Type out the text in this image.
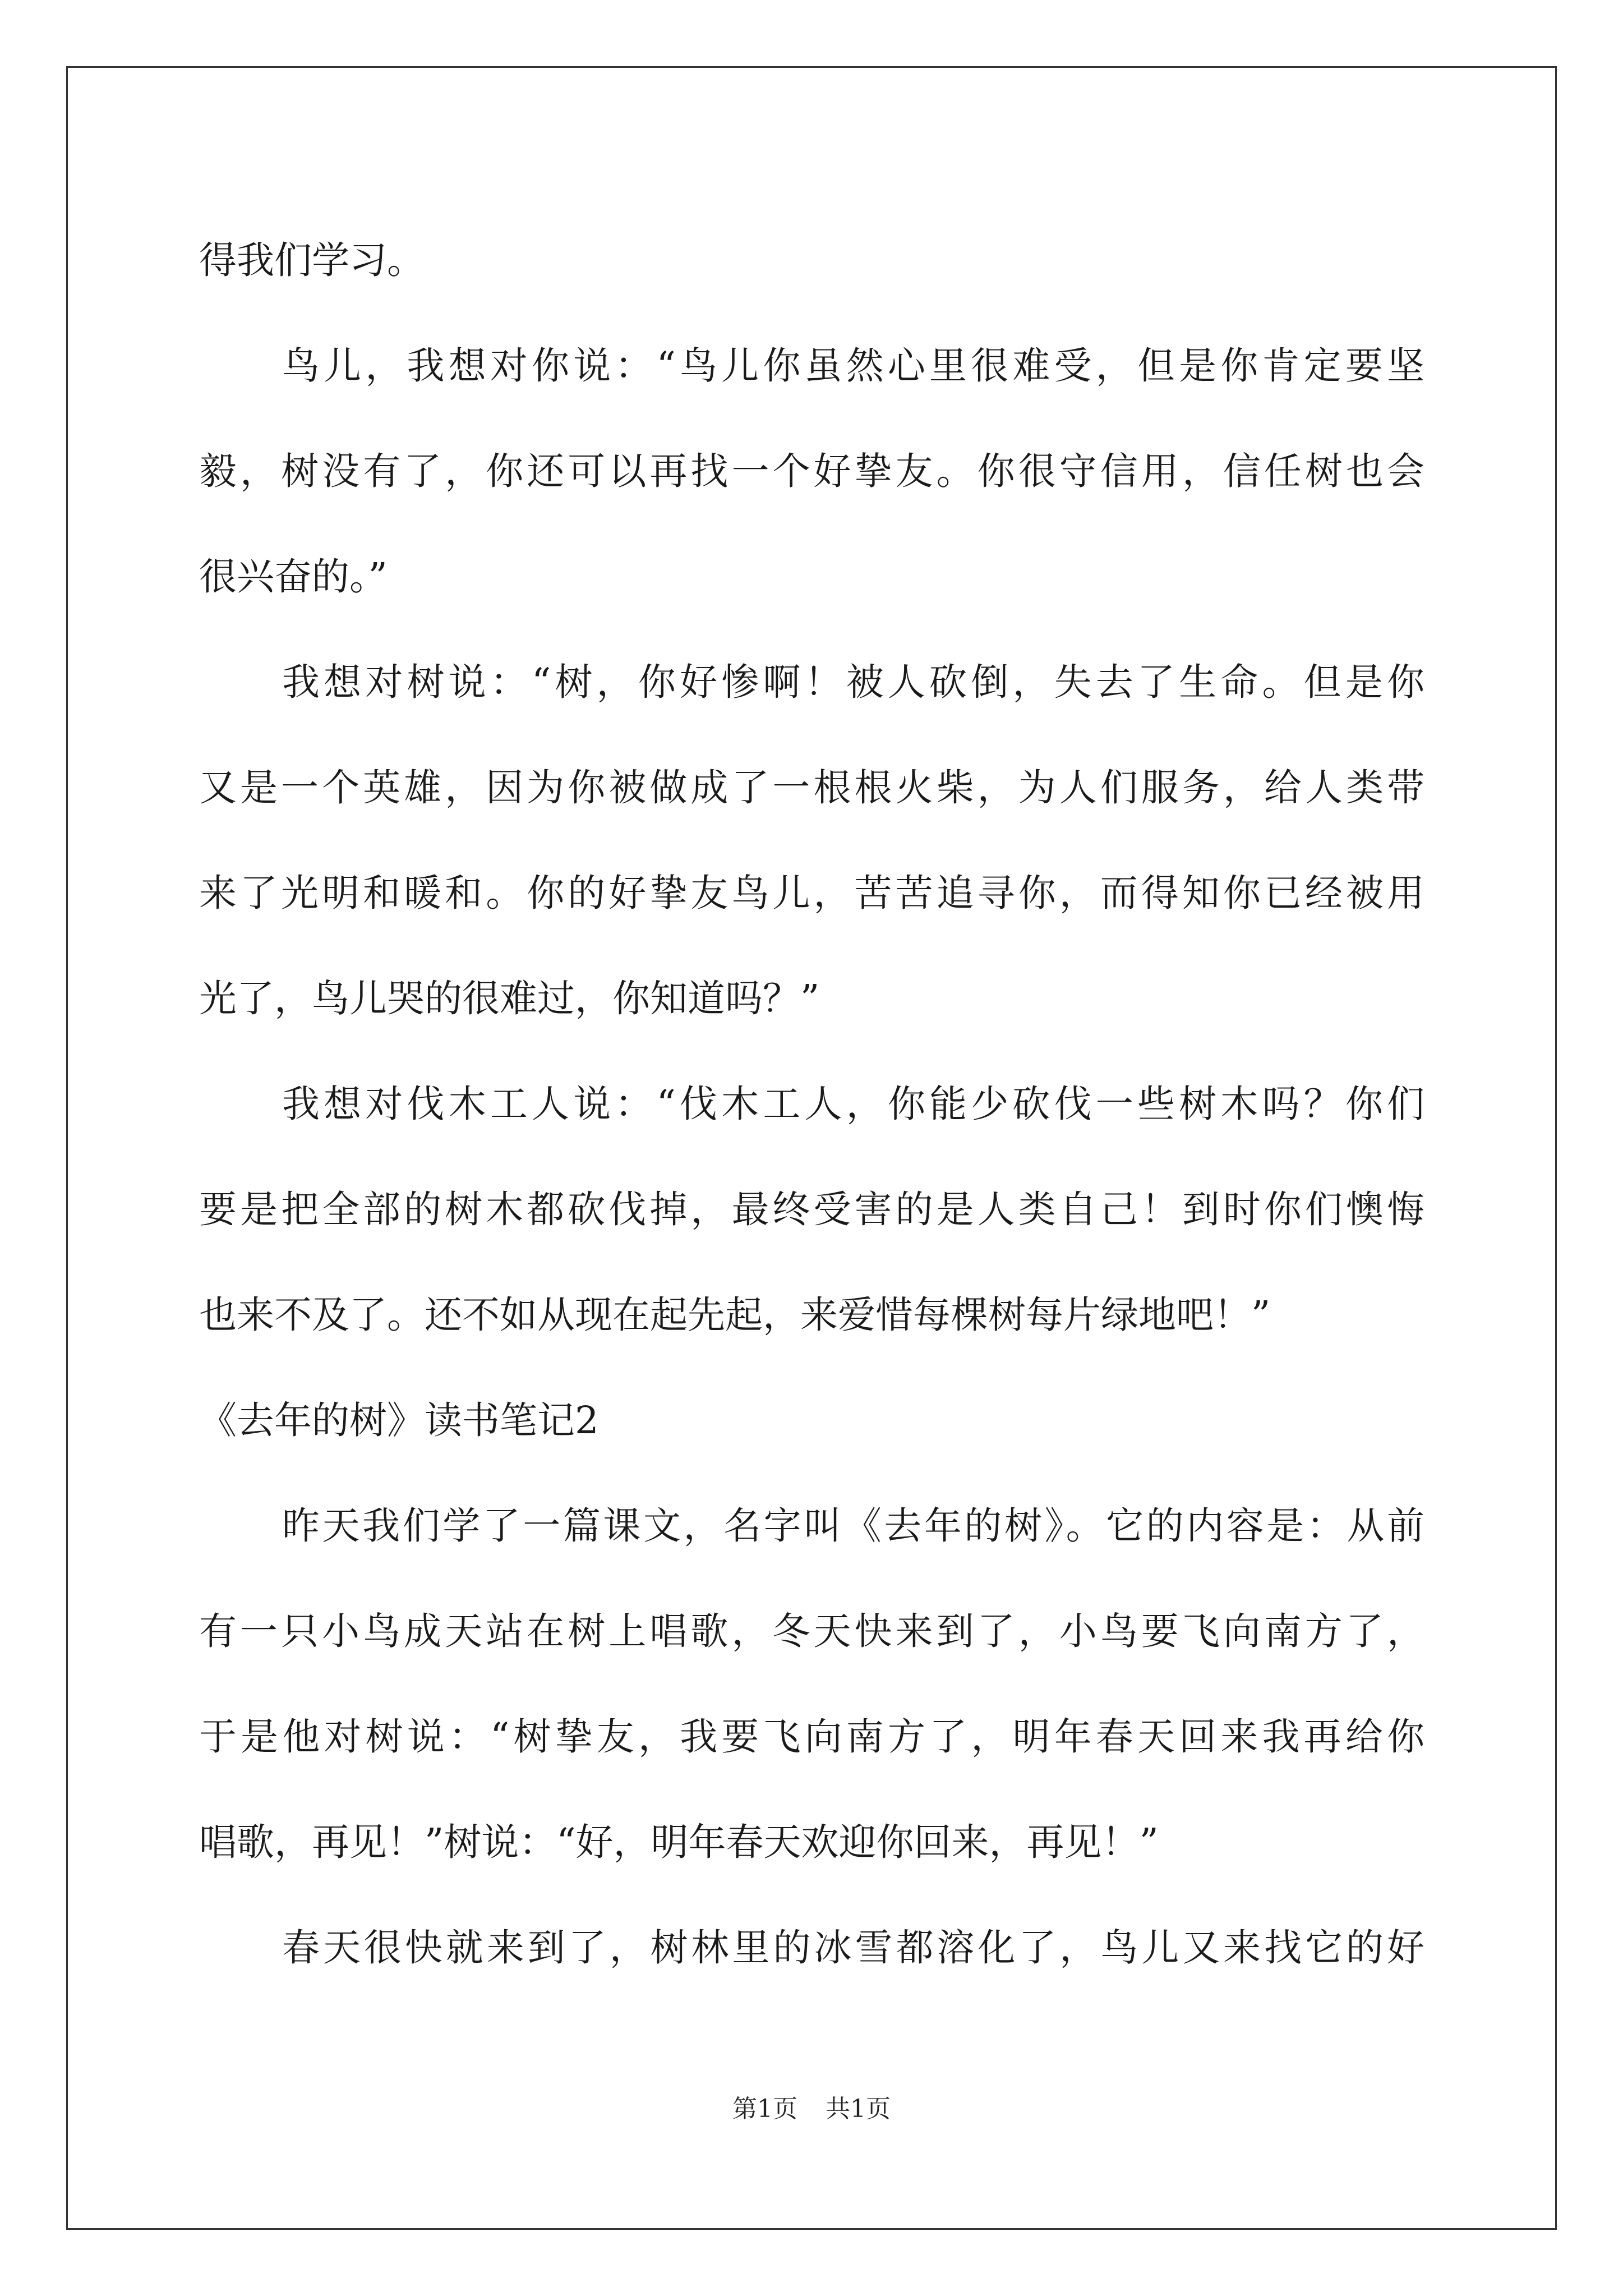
得我们学习。
鸟儿，我想对你说：“鸟儿你虽然心里很难受，但是你肯定要坚
毅，树没有了，你还可以再找一个好挚友。你很守信用，信任树也会
很兴奋的。”
我想对树说：“树，你好惨啊！被人砍倒，失去了生命。但是你
又是一个英雄，因为你被做成了一根根火柴，为人们服务，给人类带
来了光明和暖和。你的好挚友鸟儿，苦苦追寻你，而得知你已经被用
光了，鸟儿哭的很难过，你知道吗？”
我想对伐木工人说：“伐木工人，你能少砍伐一些树木吗？你们
要是把全部的树木都砍伐掉，最终受害的是人类自己！到时你们懊悔
也来不及了。还不如从现在起先起，来爱惜每棵树每片绿地吧！”
《去年的树》读书笔记2
昨天我们学了一篇课文，名字叫《去年的树》。它的内容是：从前
有一只小鸟成天站在树上唱歌，冬天快来到了，小鸟要飞向南方了，
于是他对树说：“树挚友，我要飞向南方了，明年春天回来我再给你
唱歌，再见！”树说：“好，明年春天欢迎你回来，再见！”
春天很快就来到了，树林里的冰雪都溶化了，鸟儿又来找它的好
第1页 共1页
